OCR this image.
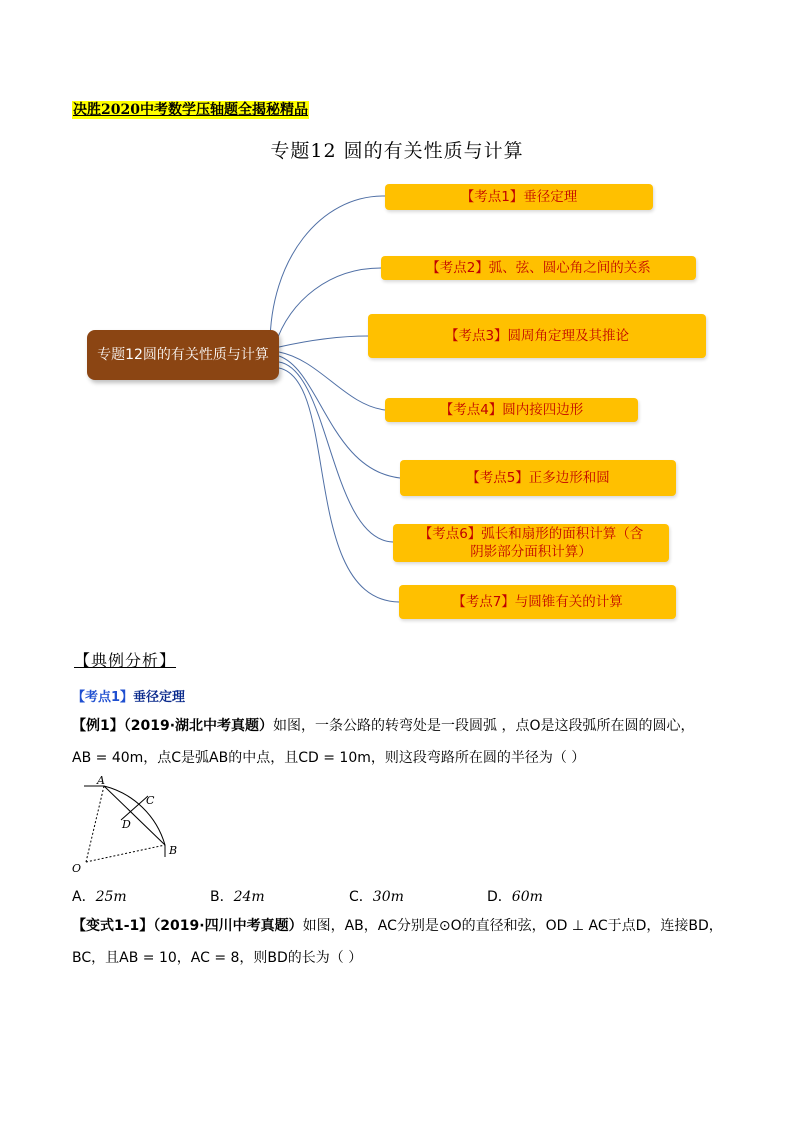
决胜2020中考数学压轴题全揭秘精品
专题12 圆的有关性质与计算
专题12圆的有关性质与计算
【考点1】垂径定理
【考点2】弧、弦、圆心角之间的关系
【考点3】圆周角定理及其推论
【考点4】圆内接四边形
【考点5】正多边形和圆
【考点6】弧长和扇形的面积计算（含阴影部分面积计算）
【考点7】与圆锥有关的计算
【典例分析】
【考点1】垂径定理
【例1】（2019·湖北中考真题）如图，一条公路的转弯处是一段圆弧 ，点O是这段弧所在圆的圆心，
AB = 40m，点C是弧AB的中点，且CD = 10m，则这段弯路所在圆的半径为（ ）
A
C
D
O
B
A．25m	B．24m	C．30m	D．60m
【变式1-1】（2019·四川中考真题）如图，AB，AC分别是⊙O的直径和弦，OD ⊥ AC于点D，连接BD，
BC，且AB = 10，AC = 8，则BD的长为（ ）
